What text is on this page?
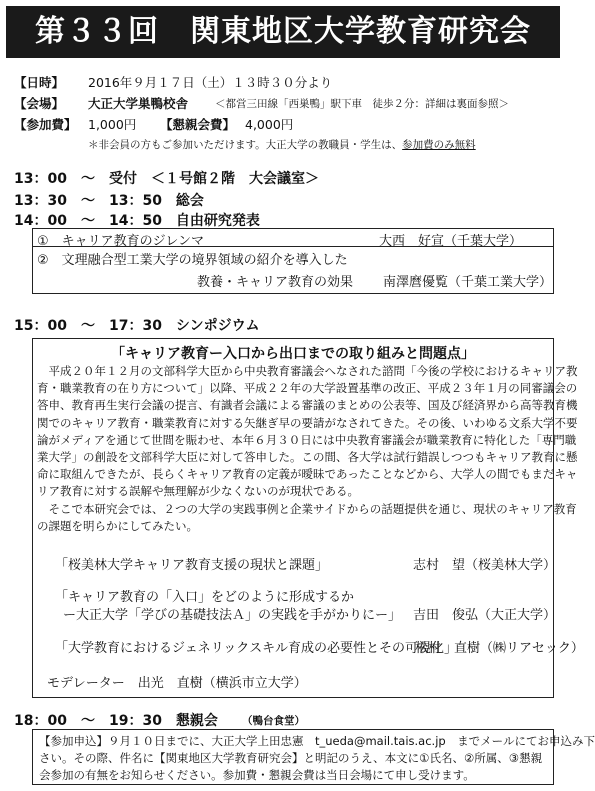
第３３回　関東地区大学教育研究会
【日時】 2016年９月１７日（土）１３時３０分より
【会場】 大正大学巣鴨校舎	＜都営三田線「西巣鴨」駅下車　徒歩２分：詳細は裏面参照＞
【参加費】 1,000円 【懇親会費】 4,000円
＊非会員の方もご参加いただけます。大正大学の教職員・学生は、参加費のみ無料
13：00　～　受付　＜１号館２階　大会議室＞
13：30　～　13：50　総会
14：00　～　14：50　自由研究発表
①　キャリア教育のジレンマ	大西　好宣（千葉大学）
②　文理融合型工業大学の境界領域の紹介を導入した
教養・キャリア教育の効果 南澤麿優覧（千葉工業大学）
15：00　～　17：30　シンポジウム
「キャリア教育ー入口から出口までの取り組みと問題点」
　平成２０年１２月の文部科学大臣から中央教育審議会へなされた諮問「今後の学校におけるキャリア教
育・職業教育の在り方について」以降、平成２２年の大学設置基準の改正、平成２３年１月の同審議会の
答申、教育再生実行会議の提言、有識者会議による審議のまとめの公表等、国及び経済界から高等教育機
関でのキャリア教育・職業教育に対する矢継ぎ早の要請がなされてきた。その後、いわゆる文系大学不要
論がメディアを通じて世間を賑わせ、本年６月３０日には中央教育審議会が職業教育に特化した「専門職
業大学」の創設を文部科学大臣に対して答申した。この間、各大学は試行錯誤しつつもキャリア教育に懸
命に取組んできたが、長らくキャリア教育の定義が曖昧であったことなどから、大学人の間でもまだキャ
リア教育に対する誤解や無理解が少なくないのが現状である。
　そこで本研究会では、２つの大学の実践事例と企業サイドからの話題提供を通じ、現状のキャリア教育
の課題を明らかにしてみたい。
「桜美林大学キャリア教育支援の現状と課題」	志村　望（桜美林大学）
「キャリア教育の「入口」をどのように形成するか
ー大正大学「学びの基礎技法Ａ」の実践を手がかりにー」 吉田　俊弘（大正大学）
「大学教育におけるジェネリックスキル育成の必要性とその可視化」
松村　直樹（㈱リアセック）
モデレーター　出光　直樹（横浜市立大学）
18：00　～　19：30　懇親会 （鴨台食堂）
【参加申込】９月１０日までに、大正大学上田忠憲　t_ueda@mail.tais.ac.jp　までメールにてお申込み下
さい。その際、件名に【関東地区大学教育研究会】と明記のうえ、本文に①氏名、②所属、③懇親
会参加の有無をお知らせください。参加費・懇親会費は当日会場にて申し受けます。
